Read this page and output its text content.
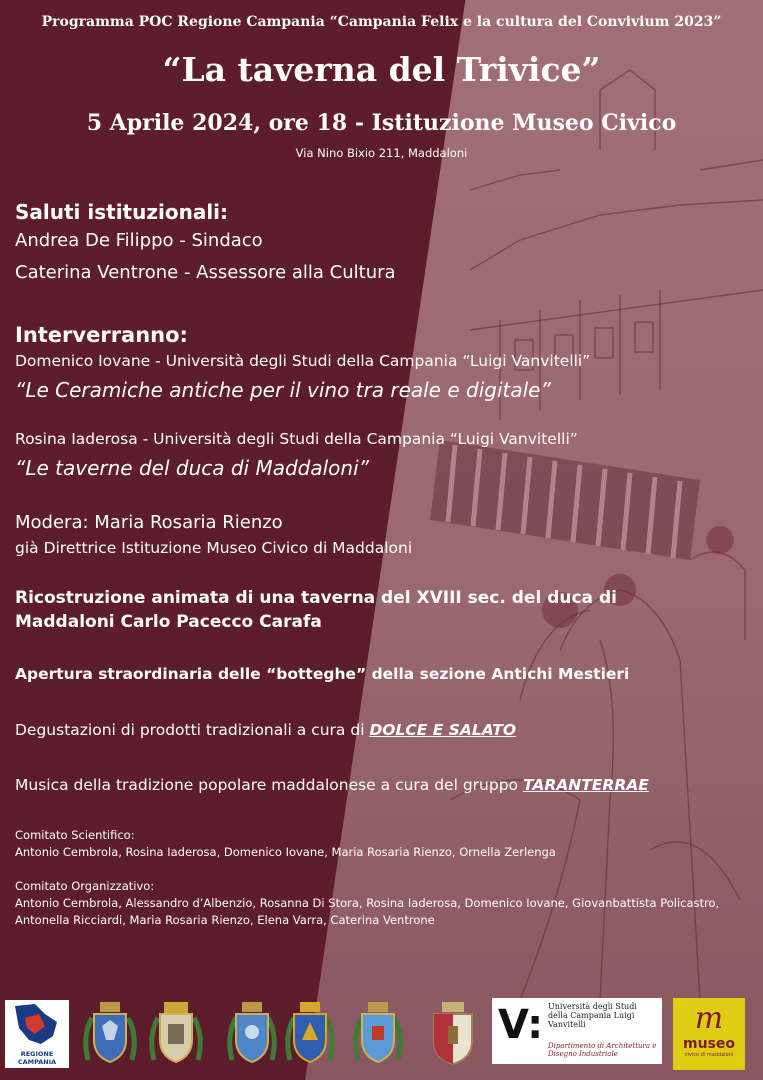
Programma POC Regione Campania “Campania Felix e la cultura del Convivium 2023”
“La taverna del Trivice”
5 Aprile 2024, ore 18 - Istituzione Museo Civico
Via Nino Bixio 211, Maddaloni
Saluti istituzionali:
Andrea De Filippo - Sindaco
Caterina Ventrone - Assessore alla Cultura
Interverranno:
Domenico Iovane - Università degli Studi della Campania “Luigi Vanvitelli”
“Le Ceramiche antiche per il vino tra reale e digitale”
Rosina Iaderosa - Università degli Studi della Campania “Luigi Vanvitelli”
“Le taverne del duca di Maddaloni”
Modera: Maria Rosaria Rienzo
già Direttrice Istituzione Museo Civico di Maddaloni
Ricostruzione animata di una taverna del XVIII sec. del duca di Maddaloni Carlo Pacecco Carafa
Apertura straordinaria delle “botteghe” della sezione Antichi Mestieri
Degustazioni di prodotti tradizionali a cura di DOLCE E SALATO
Musica della tradizione popolare maddalonese a cura del gruppo TARANTERRAE
Comitato Scientifico:
Antonio Cembrola, Rosina Iaderosa, Domenico Iovane, Maria Rosaria Rienzo, Ornella Zerlenga
Comitato Organizzativo:
Antonio Cembrola, Alessandro d’Albenzio, Rosanna Di Stora, Rosina Iaderosa, Domenico Iovane, Giovanbattista Policastro, Antonella Ricciardi, Maria Rosaria Rienzo, Elena Varra, Caterina Ventrone
REGIONE CAMPANIA
V: Università degli Studi della Campania Luigi Vanvitelli
Dipartimento di Architettura e Disegno Industriale
m
museo
civico di maddaloni
